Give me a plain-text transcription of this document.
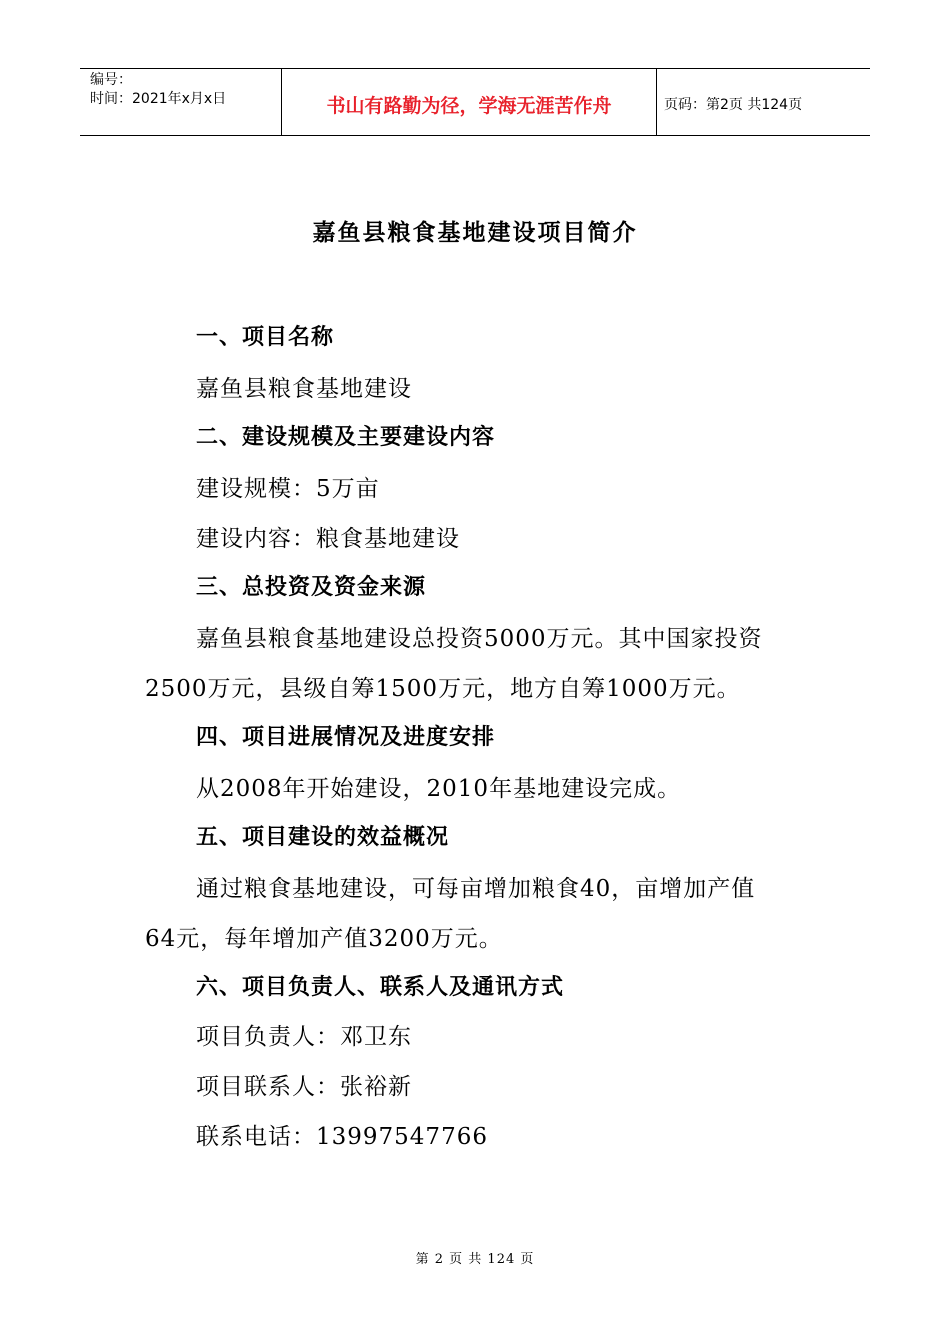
编号：
时间：2021年x月x日	书山有路勤为径，学海无涯苦作舟	页码：第2页 共124页
嘉鱼县粮食基地建设项目简介
一、项目名称
嘉鱼县粮食基地建设
二、建设规模及主要建设内容
建设规模：5万亩
建设内容：粮食基地建设
三、总投资及资金来源
嘉鱼县粮食基地建设总投资5000万元。其中国家投资
2500万元，县级自筹1500万元，地方自筹1000万元。
四、项目进展情况及进度安排
从2008年开始建设，2010年基地建设完成。
五、项目建设的效益概况
通过粮食基地建设，可每亩增加粮食40，亩增加产值
64元，每年增加产值3200万元。
六、项目负责人、联系人及通讯方式
项目负责人：邓卫东
项目联系人：张裕新
联系电话：13997547766
第 2 页 共 124 页
